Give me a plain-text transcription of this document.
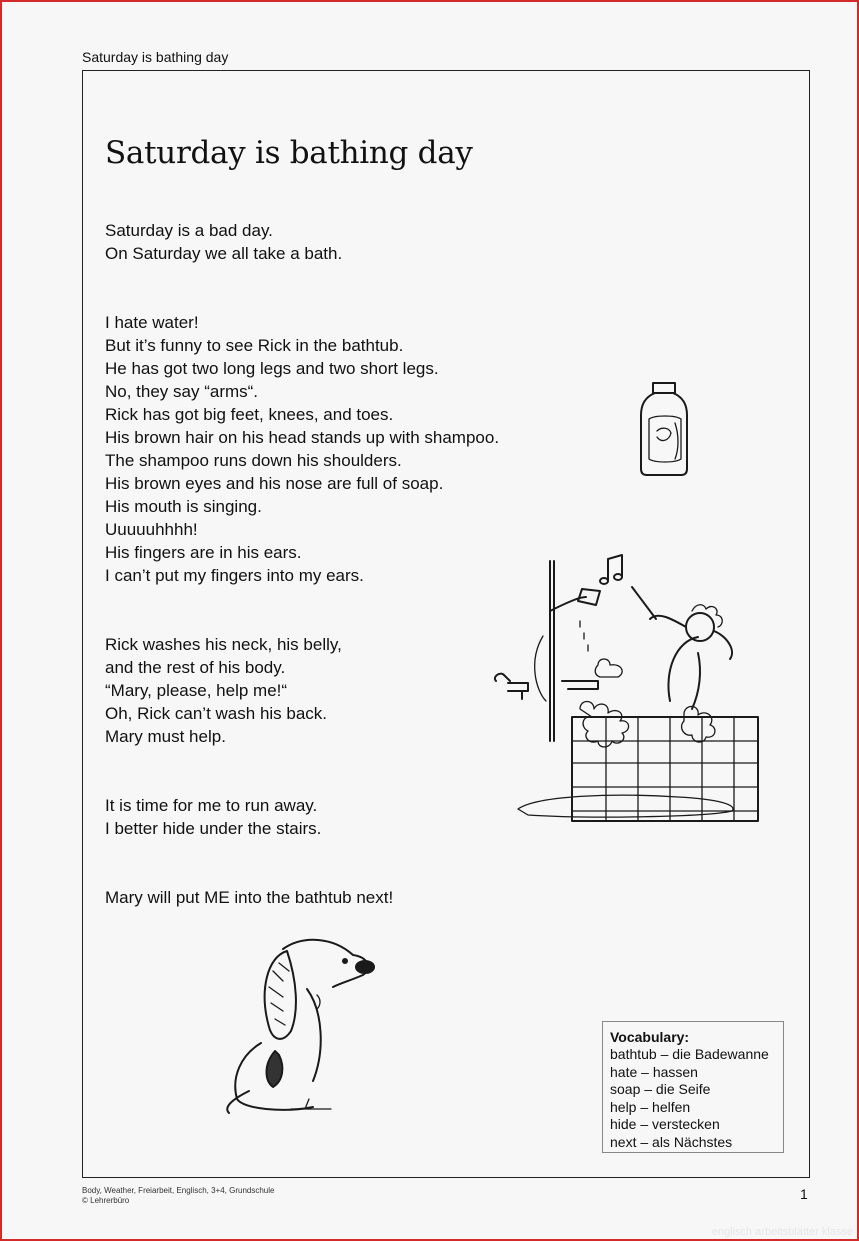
Saturday is bathing day
Saturday is bathing day
Saturday is a bad day.
On Saturday we all take a bath.
I hate water!
But it’s funny to see Rick in the bathtub.
He has got two long legs and two short legs.
No, they say “arms“.
Rick has got big feet, knees, and toes.
His brown hair on his head stands up with shampoo.
The shampoo runs down his shoulders.
His brown eyes and his nose are full of soap.
His mouth is singing.
Uuuuuhhhh!
His fingers are in his ears.
I can’t put my fingers into my ears.
Rick washes his neck, his belly,
and the rest of his body.
“Mary, please, help me!“
Oh, Rick can’t wash his back.
Mary must help.
It is time for me to run away.
I better hide under the stairs.
Mary will put ME into the bathtub next!
Vocabulary:
bathtub – die Badewanne
hate – hassen
soap – die Seife
help – helfen
hide – verstecken
next – als Nächstes
Body, Weather, Freiarbeit, Englisch, 3+4, Grundschule
© Lehrerbüro	1
englisch arbeitsblätter klasse
